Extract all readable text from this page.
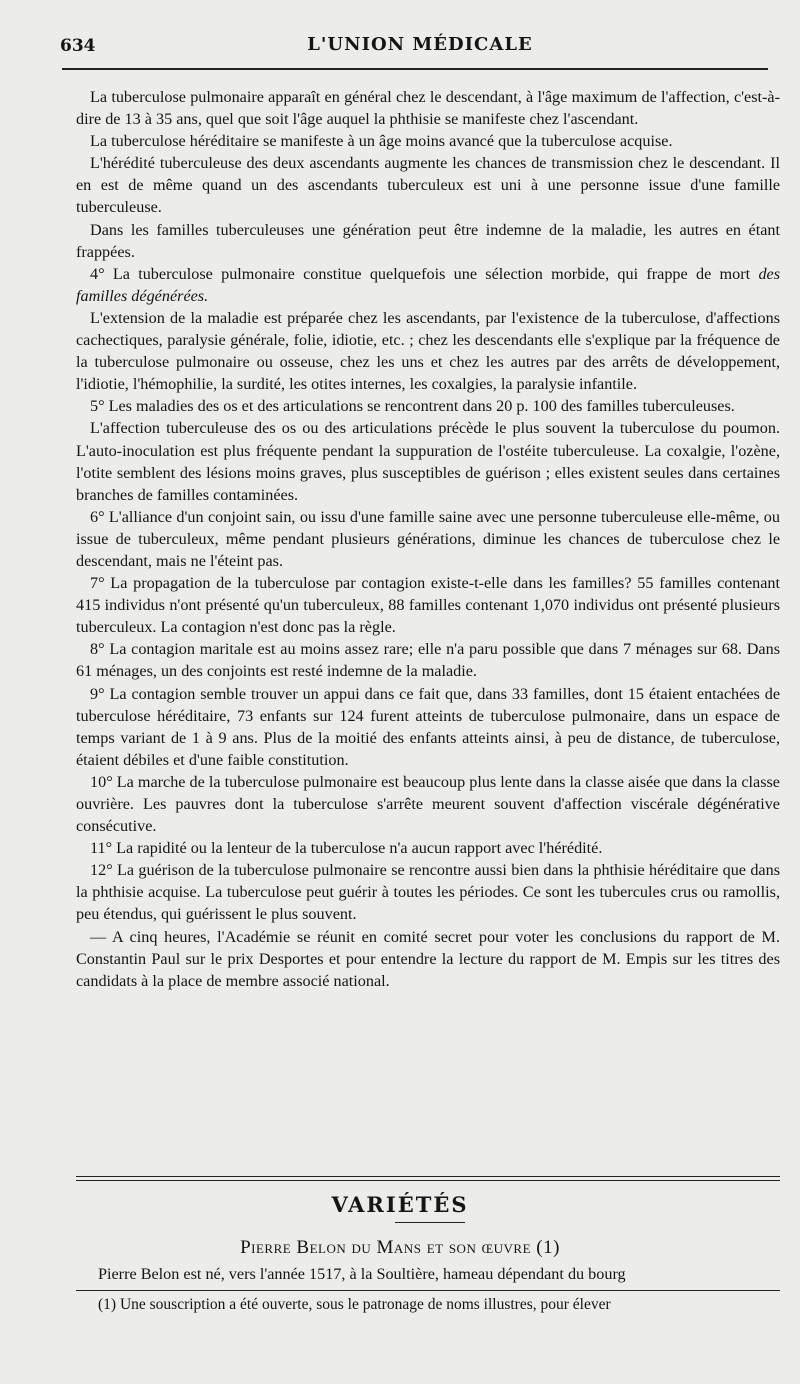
634	L'UNION MÉDICALE

La tuberculose pulmonaire apparaît en général chez le descendant, à l'âge maximum de l'affection, c'est-à-dire de 13 à 35 ans, quel que soit l'âge auquel la phthisie se manifeste chez l'ascendant.

La tuberculose héréditaire se manifeste à un âge moins avancé que la tuberculose acquise.

L'hérédité tuberculeuse des deux ascendants augmente les chances de transmission chez le descendant. Il en est de même quand un des ascendants tuberculeux est uni à une personne issue d'une famille tuberculeuse.

Dans les familles tuberculeuses une génération peut être indemne de la maladie, les autres en étant frappées.

4° La tuberculose pulmonaire constitue quelquefois une sélection morbide, qui frappe de mort des familles dégénérées.

L'extension de la maladie est préparée chez les ascendants, par l'existence de la tuberculose, d'affections cachectiques, paralysie générale, folie, idiotie, etc. ; chez les descendants elle s'explique par la fréquence de la tuberculose pulmonaire ou osseuse, chez les uns et chez les autres par des arrêts de développement, l'idiotie, l'hémophilie, la surdité, les otites internes, les coxalgies, la paralysie infantile.

5° Les maladies des os et des articulations se rencontrent dans 20 p. 100 des familles tuberculeuses.

L'affection tuberculeuse des os ou des articulations précède le plus souvent la tuberculose du poumon. L'auto-inoculation est plus fréquente pendant la suppuration de l'ostéite tuberculeuse. La coxalgie, l'ozène, l'otite semblent des lésions moins graves, plus susceptibles de guérison ; elles existent seules dans certaines branches de familles contaminées.

6° L'alliance d'un conjoint sain, ou issu d'une famille saine avec une personne tuberculeuse elle-même, ou issue de tuberculeux, même pendant plusieurs générations, diminue les chances de tuberculose chez le descendant, mais ne l'éteint pas.

7° La propagation de la tuberculose par contagion existe-t-elle dans les familles? 55 familles contenant 415 individus n'ont présenté qu'un tuberculeux, 88 familles contenant 1,070 individus ont présenté plusieurs tuberculeux. La contagion n'est donc pas la règle.

8° La contagion maritale est au moins assez rare; elle n'a paru possible que dans 7 ménages sur 68. Dans 61 ménages, un des conjoints est resté indemne de la maladie.

9° La contagion semble trouver un appui dans ce fait que, dans 33 familles, dont 15 étaient entachées de tuberculose héréditaire, 73 enfants sur 124 furent atteints de tuberculose pulmonaire, dans un espace de temps variant de 1 à 9 ans. Plus de la moitié des enfants atteints ainsi, à peu de distance, de tuberculose, étaient débiles et d'une faible constitution.

10° La marche de la tuberculose pulmonaire est beaucoup plus lente dans la classe aisée que dans la classe ouvrière. Les pauvres dont la tuberculose s'arrête meurent souvent d'affection viscérale dégénérative consécutive.

11° La rapidité ou la lenteur de la tuberculose n'a aucun rapport avec l'hérédité.

12° La guérison de la tuberculose pulmonaire se rencontre aussi bien dans la phthisie héréditaire que dans la phthisie acquise. La tuberculose peut guérir à toutes les périodes. Ce sont les tubercules crus ou ramollis, peu étendus, qui guérissent le plus souvent.

— A cinq heures, l'Académie se réunit en comité secret pour voter les conclusions du rapport de M. Constantin Paul sur le prix Desportes et pour entendre la lecture du rapport de M. Empis sur les titres des candidats à la place de membre associé national.

VARIÉTÉS
Pierre Belon du Mans et son œuvre (1)
Pierre Belon est né, vers l'année 1517, à la Soultière, hameau dépendant du bourg
(1) Une souscription a été ouverte, sous le patronage de noms illustres, pour élever
